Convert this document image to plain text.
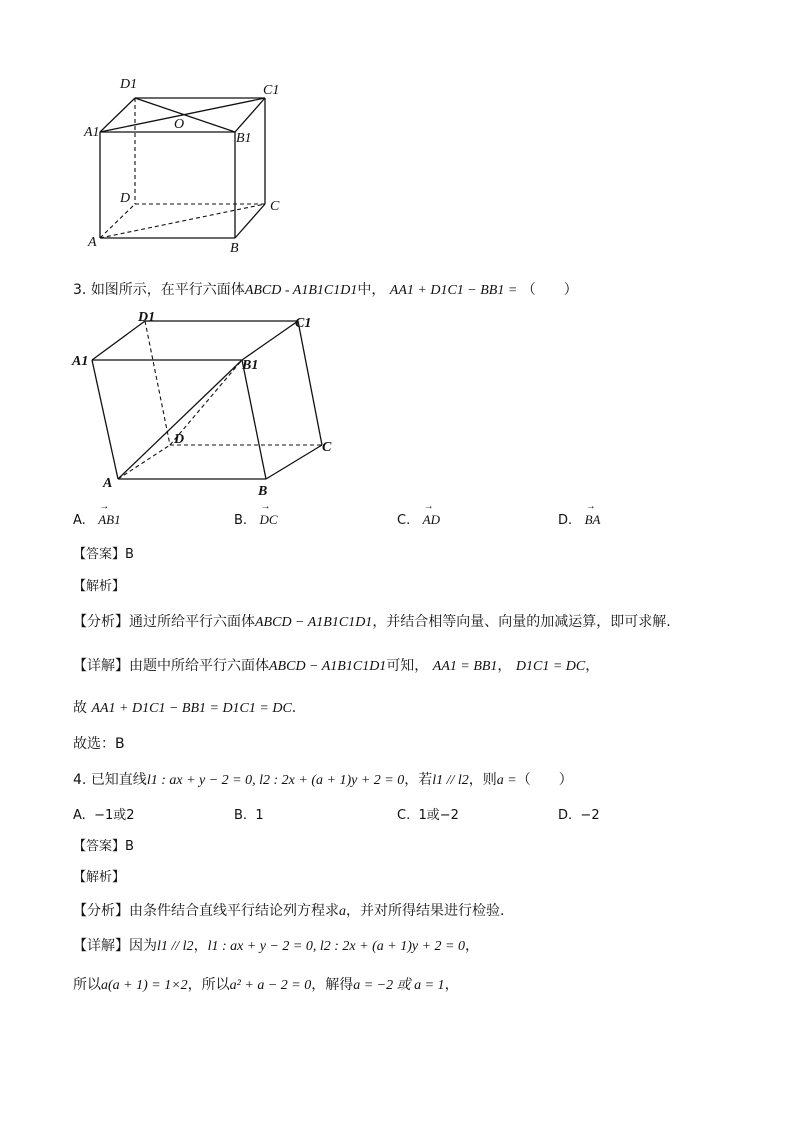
D1	C1
A1
O
B1
D
C
A	B
3. 如图所示，在平行六面体ABCD - A1B1C1D1中， AA1 + D1C1 − BB1 = （　　）
D1	C1
A1	B1
D
C
A
B
A. → AB1	B. → DC	C. → AD	D. → BA
【答案】B
【解析】
【分析】通过所给平行六面体ABCD − A1B1C1D1，并结合相等向量、向量的加减运算，即可求解.
【详解】由题中所给平行六面体ABCD − A1B1C1D1可知， AA1 = BB1， D1C1 = DC，
故 AA1 + D1C1 − BB1 = D1C1 = DC.
故选：B
4. 已知直线l1 : ax + y − 2 = 0, l2 : 2x + (a + 1)y + 2 = 0，若l1 // l2，则a =（　　）
A. −1或2	B. 1	C. 1或−2	D. −2
【答案】B
【解析】
【分析】由条件结合直线平行结论列方程求a，并对所得结果进行检验.
【详解】因为l1 // l2，l1 : ax + y − 2 = 0, l2 : 2x + (a + 1)y + 2 = 0，
所以a(a + 1) = 1×2，所以a² + a − 2 = 0，解得a = −2 或 a = 1，
